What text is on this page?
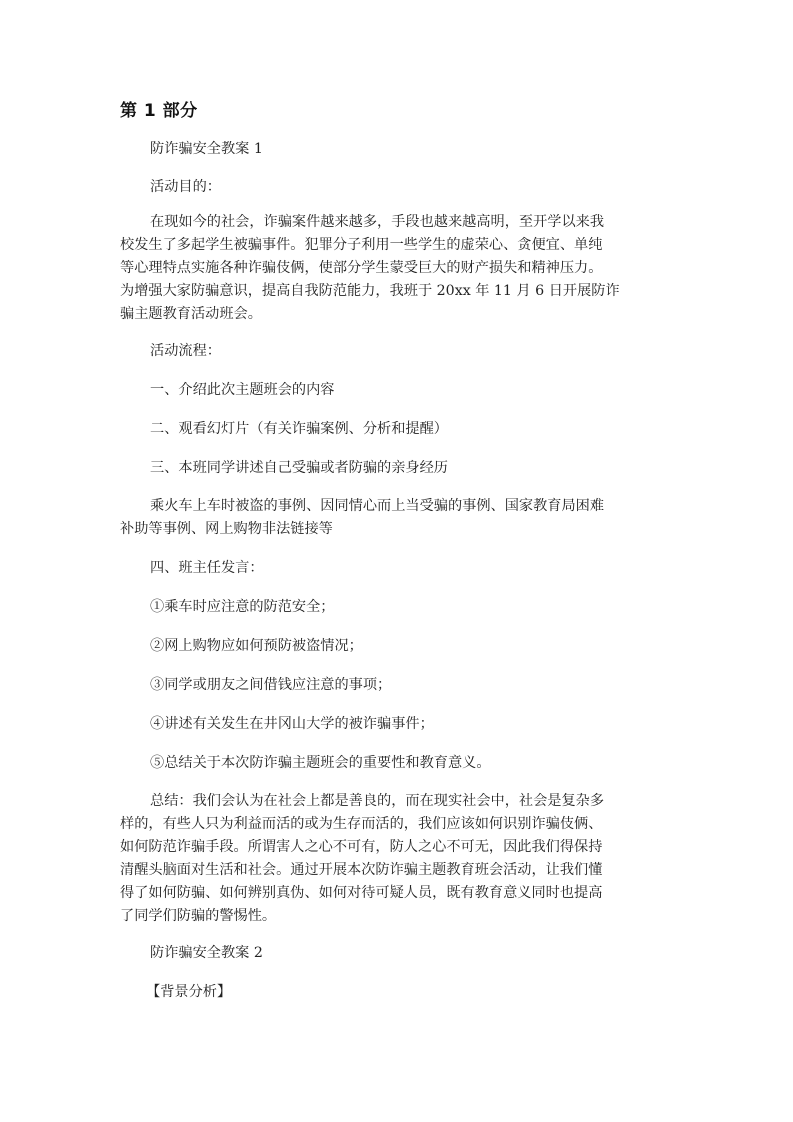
第 1 部分
防诈骗安全教案 1
活动目的：
在现如今的社会，诈骗案件越来越多，手段也越来越高明，至开学以来我
校发生了多起学生被骗事件。犯罪分子利用一些学生的虚荣心、贪便宜、单纯
等心理特点实施各种诈骗伎俩，使部分学生蒙受巨大的财产损失和精神压力。
为增强大家防骗意识，提高自我防范能力，我班于 20xx 年 11 月 6 日开展防诈
骗主题教育活动班会。
活动流程：
一、介绍此次主题班会的内容
二、观看幻灯片（有关诈骗案例、分析和提醒）
三、本班同学讲述自己受骗或者防骗的亲身经历
乘火车上车时被盗的事例、因同情心而上当受骗的事例、国家教育局困难
补助等事例、网上购物非法链接等
四、班主任发言：
①乘车时应注意的防范安全；
②网上购物应如何预防被盗情况；
③同学或朋友之间借钱应注意的事项；
④讲述有关发生在井冈山大学的被诈骗事件；
⑤总结关于本次防诈骗主题班会的重要性和教育意义。
总结：我们会认为在社会上都是善良的，而在现实社会中，社会是复杂多
样的，有些人只为利益而活的或为生存而活的，我们应该如何识别诈骗伎俩、
如何防范诈骗手段。所谓害人之心不可有，防人之心不可无，因此我们得保持
清醒头脑面对生活和社会。通过开展本次防诈骗主题教育班会活动，让我们懂
得了如何防骗、如何辨别真伪、如何对待可疑人员，既有教育意义同时也提高
了同学们防骗的警惕性。
防诈骗安全教案 2
【背景分析】
